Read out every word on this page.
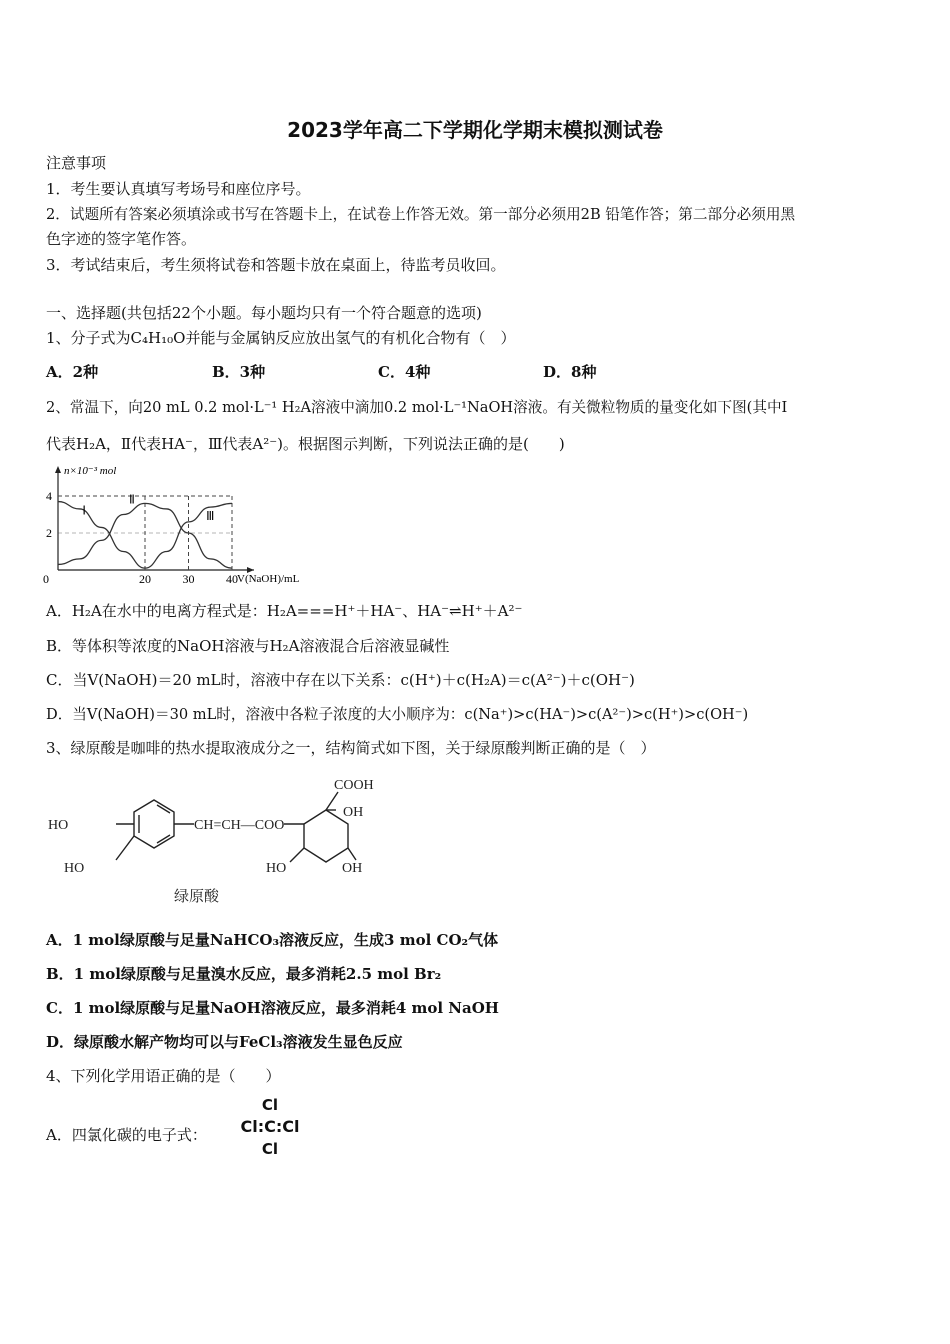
2023学年高二下学期化学期末模拟测试卷
注意事项
1．考生要认真填写考场号和座位序号。
2．试题所有答案必须填涂或书写在答题卡上，在试卷上作答无效。第一部分必须用2B 铅笔作答；第二部分必须用黑
色字迹的签字笔作答。
3．考试结束后，考生须将试卷和答题卡放在桌面上，待监考员收回。
一、选择题(共包括22个小题。每小题均只有一个符合题意的选项)
1、分子式为C₄H₁₀O并能与金属钠反应放出氢气的有机化合物有（　）
A．2种	B．3种	C．4种	D．8种
2、常温下，向20 mL 0.2 mol·L⁻¹ H₂A溶液中滴加0.2 mol·L⁻¹NaOH溶液。有关微粒物质的量变化如下图(其中Ⅰ
代表H₂A，Ⅱ代表HA⁻，Ⅲ代表A²⁻)。根据图示判断，下列说法正确的是(　　)
0	20	30	40
2
4
Ⅰ
Ⅱ
Ⅲ
n×10⁻³ mol
V(NaOH)/mL
A．H₂A在水中的电离方程式是：H₂A===H⁺＋HA⁻、HA⁻⇌H⁺＋A²⁻
B．等体积等浓度的NaOH溶液与H₂A溶液混合后溶液显碱性
C．当V(NaOH)＝20 mL时，溶液中存在以下关系：c(H⁺)＋c(H₂A)＝c(A²⁻)＋c(OH⁻)
D．当V(NaOH)＝30 mL时，溶液中各粒子浓度的大小顺序为：c(Na⁺)>c(HA⁻)>c(A²⁻)>c(H⁺)>c(OH⁻)
3、绿原酸是咖啡的热水提取液成分之一，结构简式如下图，关于绿原酸判断正确的是（　）
COOH
OH
HO
HO
CH=CH—COO
HO	OH
绿原酸
A．1 mol绿原酸与足量NaHCO₃溶液反应，生成3 mol CO₂气体
B．1 mol绿原酸与足量溴水反应，最多消耗2.5 mol Br₂
C．1 mol绿原酸与足量NaOH溶液反应，最多消耗4 mol NaOH
D．绿原酸水解产物均可以与FeCl₃溶液发生显色反应
4、下列化学用语正确的是（　　）
A．四氯化碳的电子式：
Cl
Cl:C:Cl
Cl
